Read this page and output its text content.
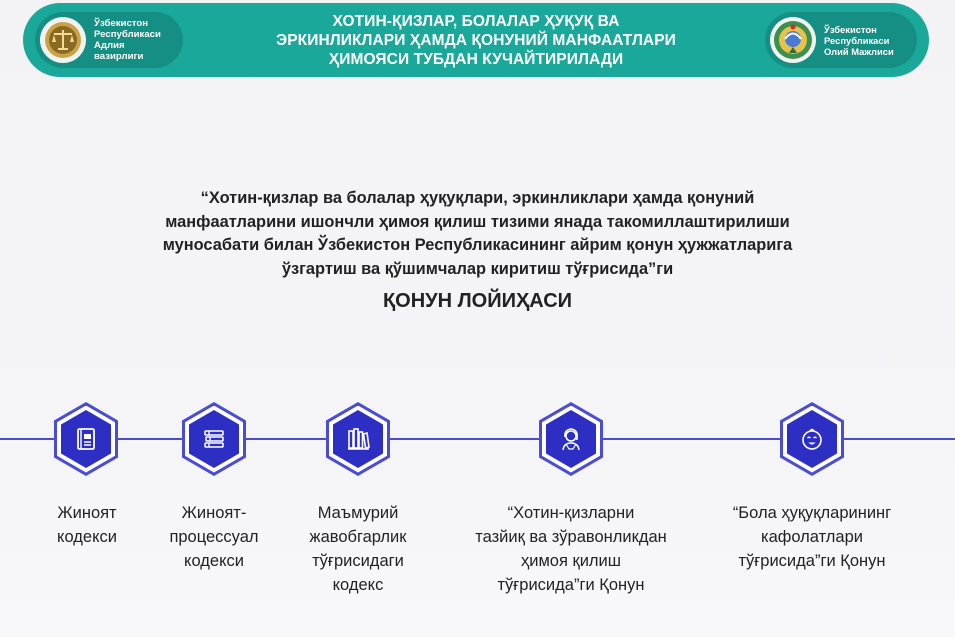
Ўзбекистон
Республикаси
Адлия
вазирлиги
ХОТИН-ҚИЗЛАР, БОЛАЛАР ҲУҚУҚ ВА
ЭРКИНЛИКЛАРИ ҲАМДА ҚОНУНИЙ МАНФААТЛАРИ
ҲИМОЯСИ ТУБДАН КУЧАЙТИРИЛАДИ
Ўзбекистон
Республикаси
Олий Мажлиси
“Хотин-қизлар ва болалар ҳуқуқлари, эркинликлари ҳамда қонуний
манфаатларини ишончли ҳимоя қилиш тизими янада такомиллаштирилиши
муносабати билан Ўзбекистон Республикасининг айрим қонун ҳужжатларига
ўзгартиш ва қўшимчалар киритиш тўғрисида”ги
ҚОНУН ЛОЙИҲАСИ
Жиноят
кодекси
Жиноят-
процессуал
кодекси
Маъмурий
жавобгарлик
тўғрисидаги
кодекс
“Хотин-қизларни
тазйиқ ва зўравонликдан
ҳимоя қилиш
тўғрисида”ги Қонун
“Бола ҳуқуқларининг
кафолатлари
тўғрисида”ги Қонун
